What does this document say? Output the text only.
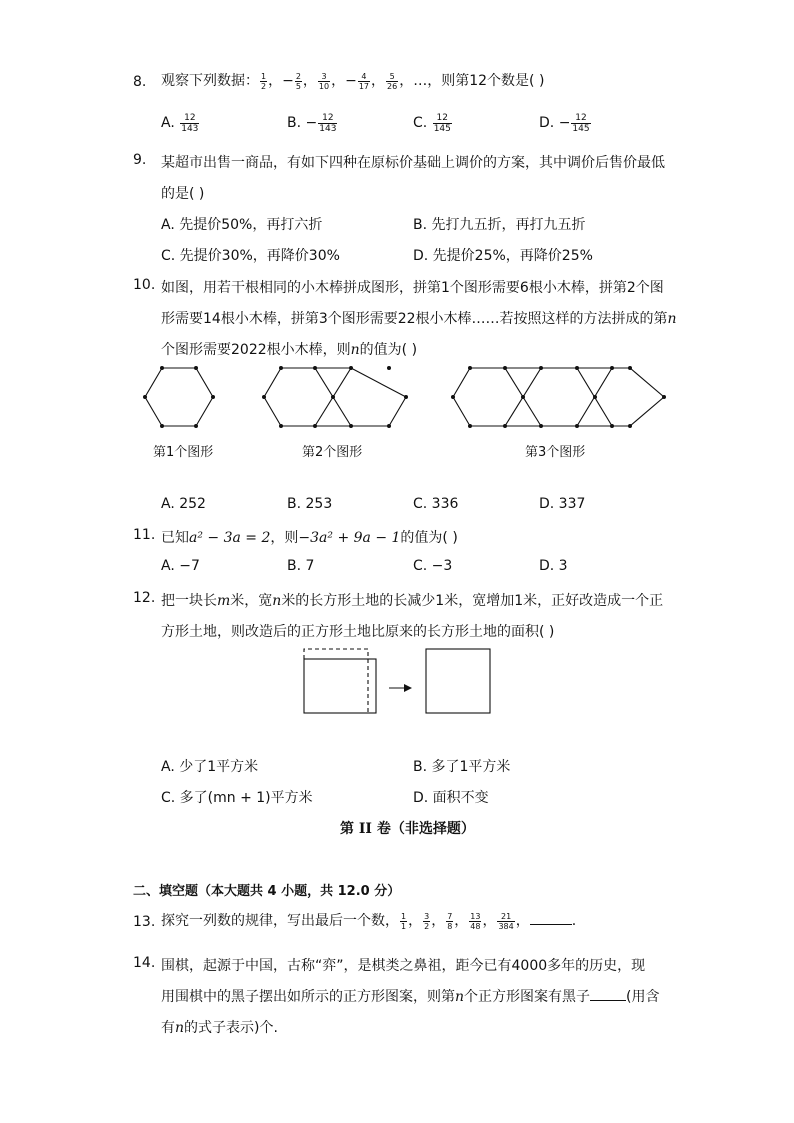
8. 观察下列数据： $\frac{1}{2}$ ，− $\frac{2}{5}$ ， $\frac{3}{10}$ ，− $\frac{4}{17}$ ， $\frac{5}{26}$ ，…，则第12个数是( )
A. $\frac{12}{143}$	B. − $\frac{12}{143}$	C. $\frac{12}{145}$	D. − $\frac{12}{145}$
9. 某超市出售一商品，有如下四种在原标价基础上调价的方案，其中调价后售价最低
的是( )
A. 先提价50%，再打六折	B. 先打九五折，再打九五折
C. 先提价30%，再降价30%	D. 先提价25%，再降价25%
10. 如图，用若干根相同的小木棒拼成图形，拼第1个图形需要6根小木棒，拼第2个图
形需要14根小木棒，拼第3个图形需要22根小木棒……若按照这样的方法拼成的第n
个图形需要2022根小木棒，则n的值为( )
第1个图形	第2个图形	第3个图形
A. 252	B. 253	C. 336	D. 337
11. 已知a² − 3a = 2，则−3a² + 9a − 1的值为( )
A. −7	B. 7	C. −3	D. 3
12. 把一块长m米，宽n米的长方形土地的长减少1米，宽增加1米，正好改造成一个正
方形土地，则改造后的正方形土地比原来的长方形土地的面积( )
A. 少了1平方米	B. 多了1平方米
C. 多了(mn + 1)平方米	D. 面积不变
第 II 卷（非选择题）
二、填空题（本大题共 4 小题，共 12.0 分）
13. 探究一列数的规律，写出最后一个数， $\frac{1}{1}$ ， $\frac{3}{2}$ ， $\frac{7}{8}$ ， $\frac{13}{48}$ ， $\frac{21}{384}$ ，	.
14. 围棋，起源于中国，古称“弈”，是棋类之鼻祖，距今已有4000多年的历史，现
用围棋中的黑子摆出如所示的正方形图案，则第n个正方形图案有黑子	(用含
有n的式子表示)个.
